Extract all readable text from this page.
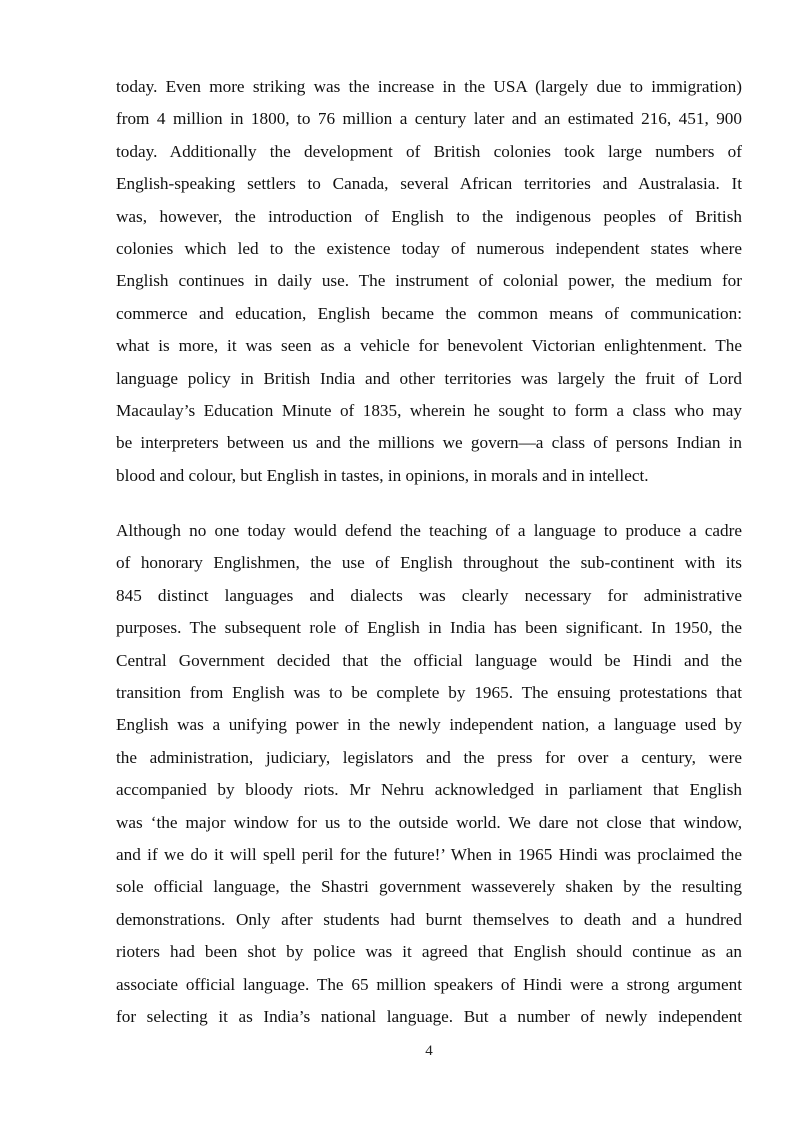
today. Even more striking was the increase in the USA (largely due to immigration)
from 4 million in 1800, to 76 million a century later and an estimated 216, 451, 900
today. Additionally the development of British colonies took large numbers of
English-speaking settlers to Canada, several African territories and Australasia. It
was, however, the introduction of English to the indigenous peoples of British
colonies which led to the existence today of numerous independent states where
English continues in daily use. The instrument of colonial power, the medium for
commerce and education, English became the common means of communication:
what is more, it was seen as a vehicle for benevolent Victorian enlightenment. The
language policy in British India and other territories was largely the fruit of Lord
Macaulay’s Education Minute of 1835, wherein he sought to form a class who may
be interpreters between us and the millions we govern—a class of persons Indian in
blood and colour, but English in tastes, in opinions, in morals and in intellect.
Although no one today would defend the teaching of a language to produce a cadre
of honorary Englishmen, the use of English throughout the sub-continent with its
845 distinct languages and dialects was clearly necessary for administrative
purposes. The subsequent role of English in India has been significant. In 1950, the
Central Government decided that the official language would be Hindi and the
transition from English was to be complete by 1965. The ensuing protestations that
English was a unifying power in the newly independent nation, a language used by
the administration, judiciary, legislators and the press for over a century, were
accompanied by bloody riots. Mr Nehru acknowledged in parliament that English
was ‘the major window for us to the outside world. We dare not close that window,
and if we do it will spell peril for the future!’ When in 1965 Hindi was proclaimed the
sole official language, the Shastri government wasseverely shaken by the resulting
demonstrations. Only after students had burnt themselves to death and a hundred
rioters had been shot by police was it agreed that English should continue as an
associate official language. The 65 million speakers of Hindi were a strong argument
for selecting it as India’s national language. But a number of newly independent
4
